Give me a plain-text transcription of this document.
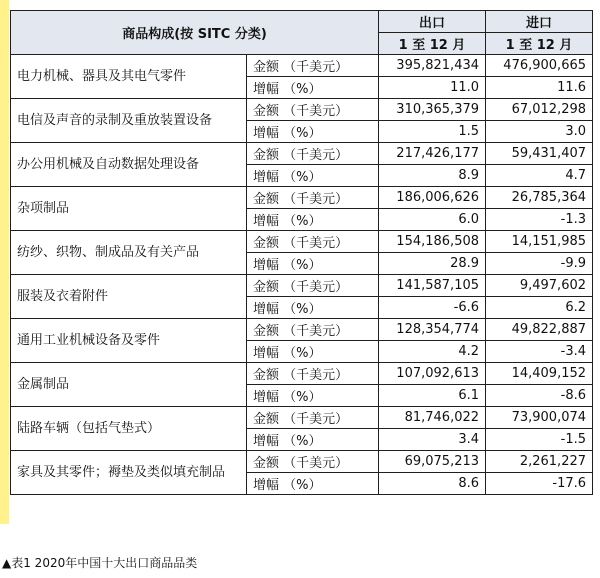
商品构成(按 SITC 分类)		出口	进口
		1 至 12 月	1 至 12 月
电力机械、器具及其电气零件	金额 （千美元）	395,821,434	476,900,665
	增幅 （%）	11.0	11.6
电信及声音的录制及重放装置设备	金额 （千美元）	310,365,379	67,012,298
	增幅 （%）	1.5	3.0
办公用机械及自动数据处理设备	金额 （千美元）	217,426,177	59,431,407
	增幅 （%）	8.9	4.7
杂项制品	金额 （千美元）	186,006,626	26,785,364
	增幅 （%）	6.0	-1.3
纺纱、织物、制成品及有关产品	金额 （千美元）	154,186,508	14,151,985
	增幅 （%）	28.9	-9.9
服装及衣着附件	金额 （千美元）	141,587,105	9,497,602
	增幅 （%）	-6.6	6.2
通用工业机械设备及零件	金额 （千美元）	128,354,774	49,822,887
	增幅 （%）	4.2	-3.4
金属制品	金额 （千美元）	107,092,613	14,409,152
	增幅 （%）	6.1	-8.6
陆路车辆（包括气垫式）	金额 （千美元）	81,746,022	73,900,074
	增幅 （%）	3.4	-1.5
家具及其零件；褥垫及类似填充制品	金额 （千美元）	69,075,213	2,261,227
	增幅 （%）	8.6	-17.6
▲表1 2020年中国十大出口商品品类
